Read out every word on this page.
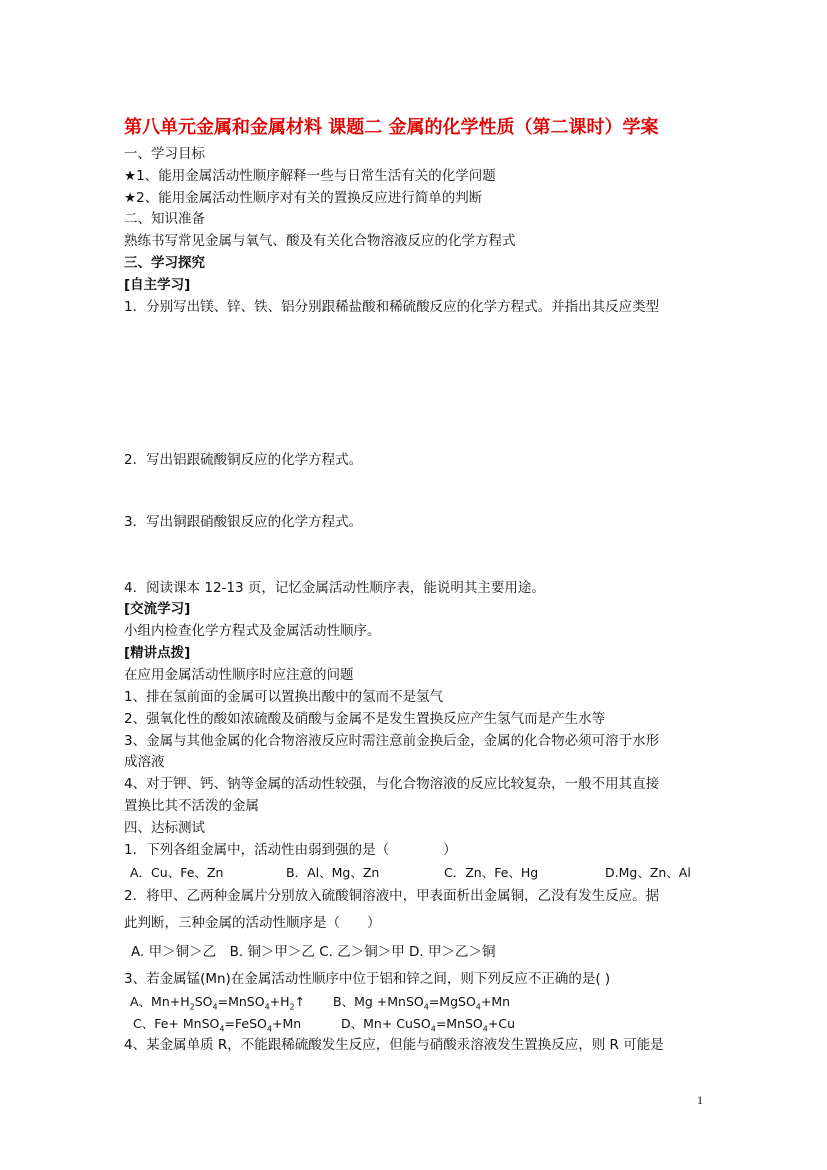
第八单元金属和金属材料 课题二 金属的化学性质（第二课时）学案
一、学习目标
★1、能用金属活动性顺序解释一些与日常生活有关的化学问题
★2、能用金属活动性顺序对有关的置换反应进行简单的判断
二、知识准备
熟练书写常见金属与氧气、酸及有关化合物溶液反应的化学方程式
三、学习探究
[自主学习]
1．分别写出镁、锌、铁、铝分别跟稀盐酸和稀硫酸反应的化学方程式。并指出其反应类型
2．写出铝跟硫酸铜反应的化学方程式。
3．写出铜跟硝酸银反应的化学方程式。
4．阅读课本 12-13 页，记忆金属活动性顺序表，能说明其主要用途。
[交流学习]
小组内检查化学方程式及金属活动性顺序。
[精讲点拨]
在应用金属活动性顺序时应注意的问题
1、排在氢前面的金属可以置换出酸中的氢而不是氢气
2、强氧化性的酸如浓硫酸及硝酸与金属不是发生置换反应产生氢气而是产生水等
3、金属与其他金属的化合物溶液反应时需注意前金换后金，金属的化合物必须可溶于水形
成溶液
4、对于钾、钙、钠等金属的活动性较强，与化合物溶液的反应比较复杂，一般不用其直接
置换比其不活泼的金属
四、达标测试
1．下列各组金属中，活动性由弱到强的是（　　　　）
A．Cu、Fe、Zn	B．Al、Mg、Zn	C．Zn、Fe、Hg	D.Mg、Zn、Al
2．将甲、乙两种金属片分别放入硫酸铜溶液中，甲表面析出金属铜，乙没有发生反应。据
此判断，三种金属的活动性顺序是（　　）
A. 甲＞铜＞乙　B. 铜＞甲＞乙 C. 乙＞铜＞甲 D. 甲＞乙＞铜
3、若金属锰(Mn)在金属活动性顺序中位于铝和锌之间，则下列反应不正确的是( )
A、$Mn+H_2SO_4=MnSO_4+H_2↑$ B、Mg +MnSO$_4$=MgSO$_4$+Mn
C、Fe+ MnSO$_4$=FeSO$_4$+Mn	D、Mn+ CuSO$_4$=MnSO$_4$+Cu
4、某金属单质 R，不能跟稀硫酸发生反应，但能与硝酸汞溶液发生置换反应，则 R 可能是
1
